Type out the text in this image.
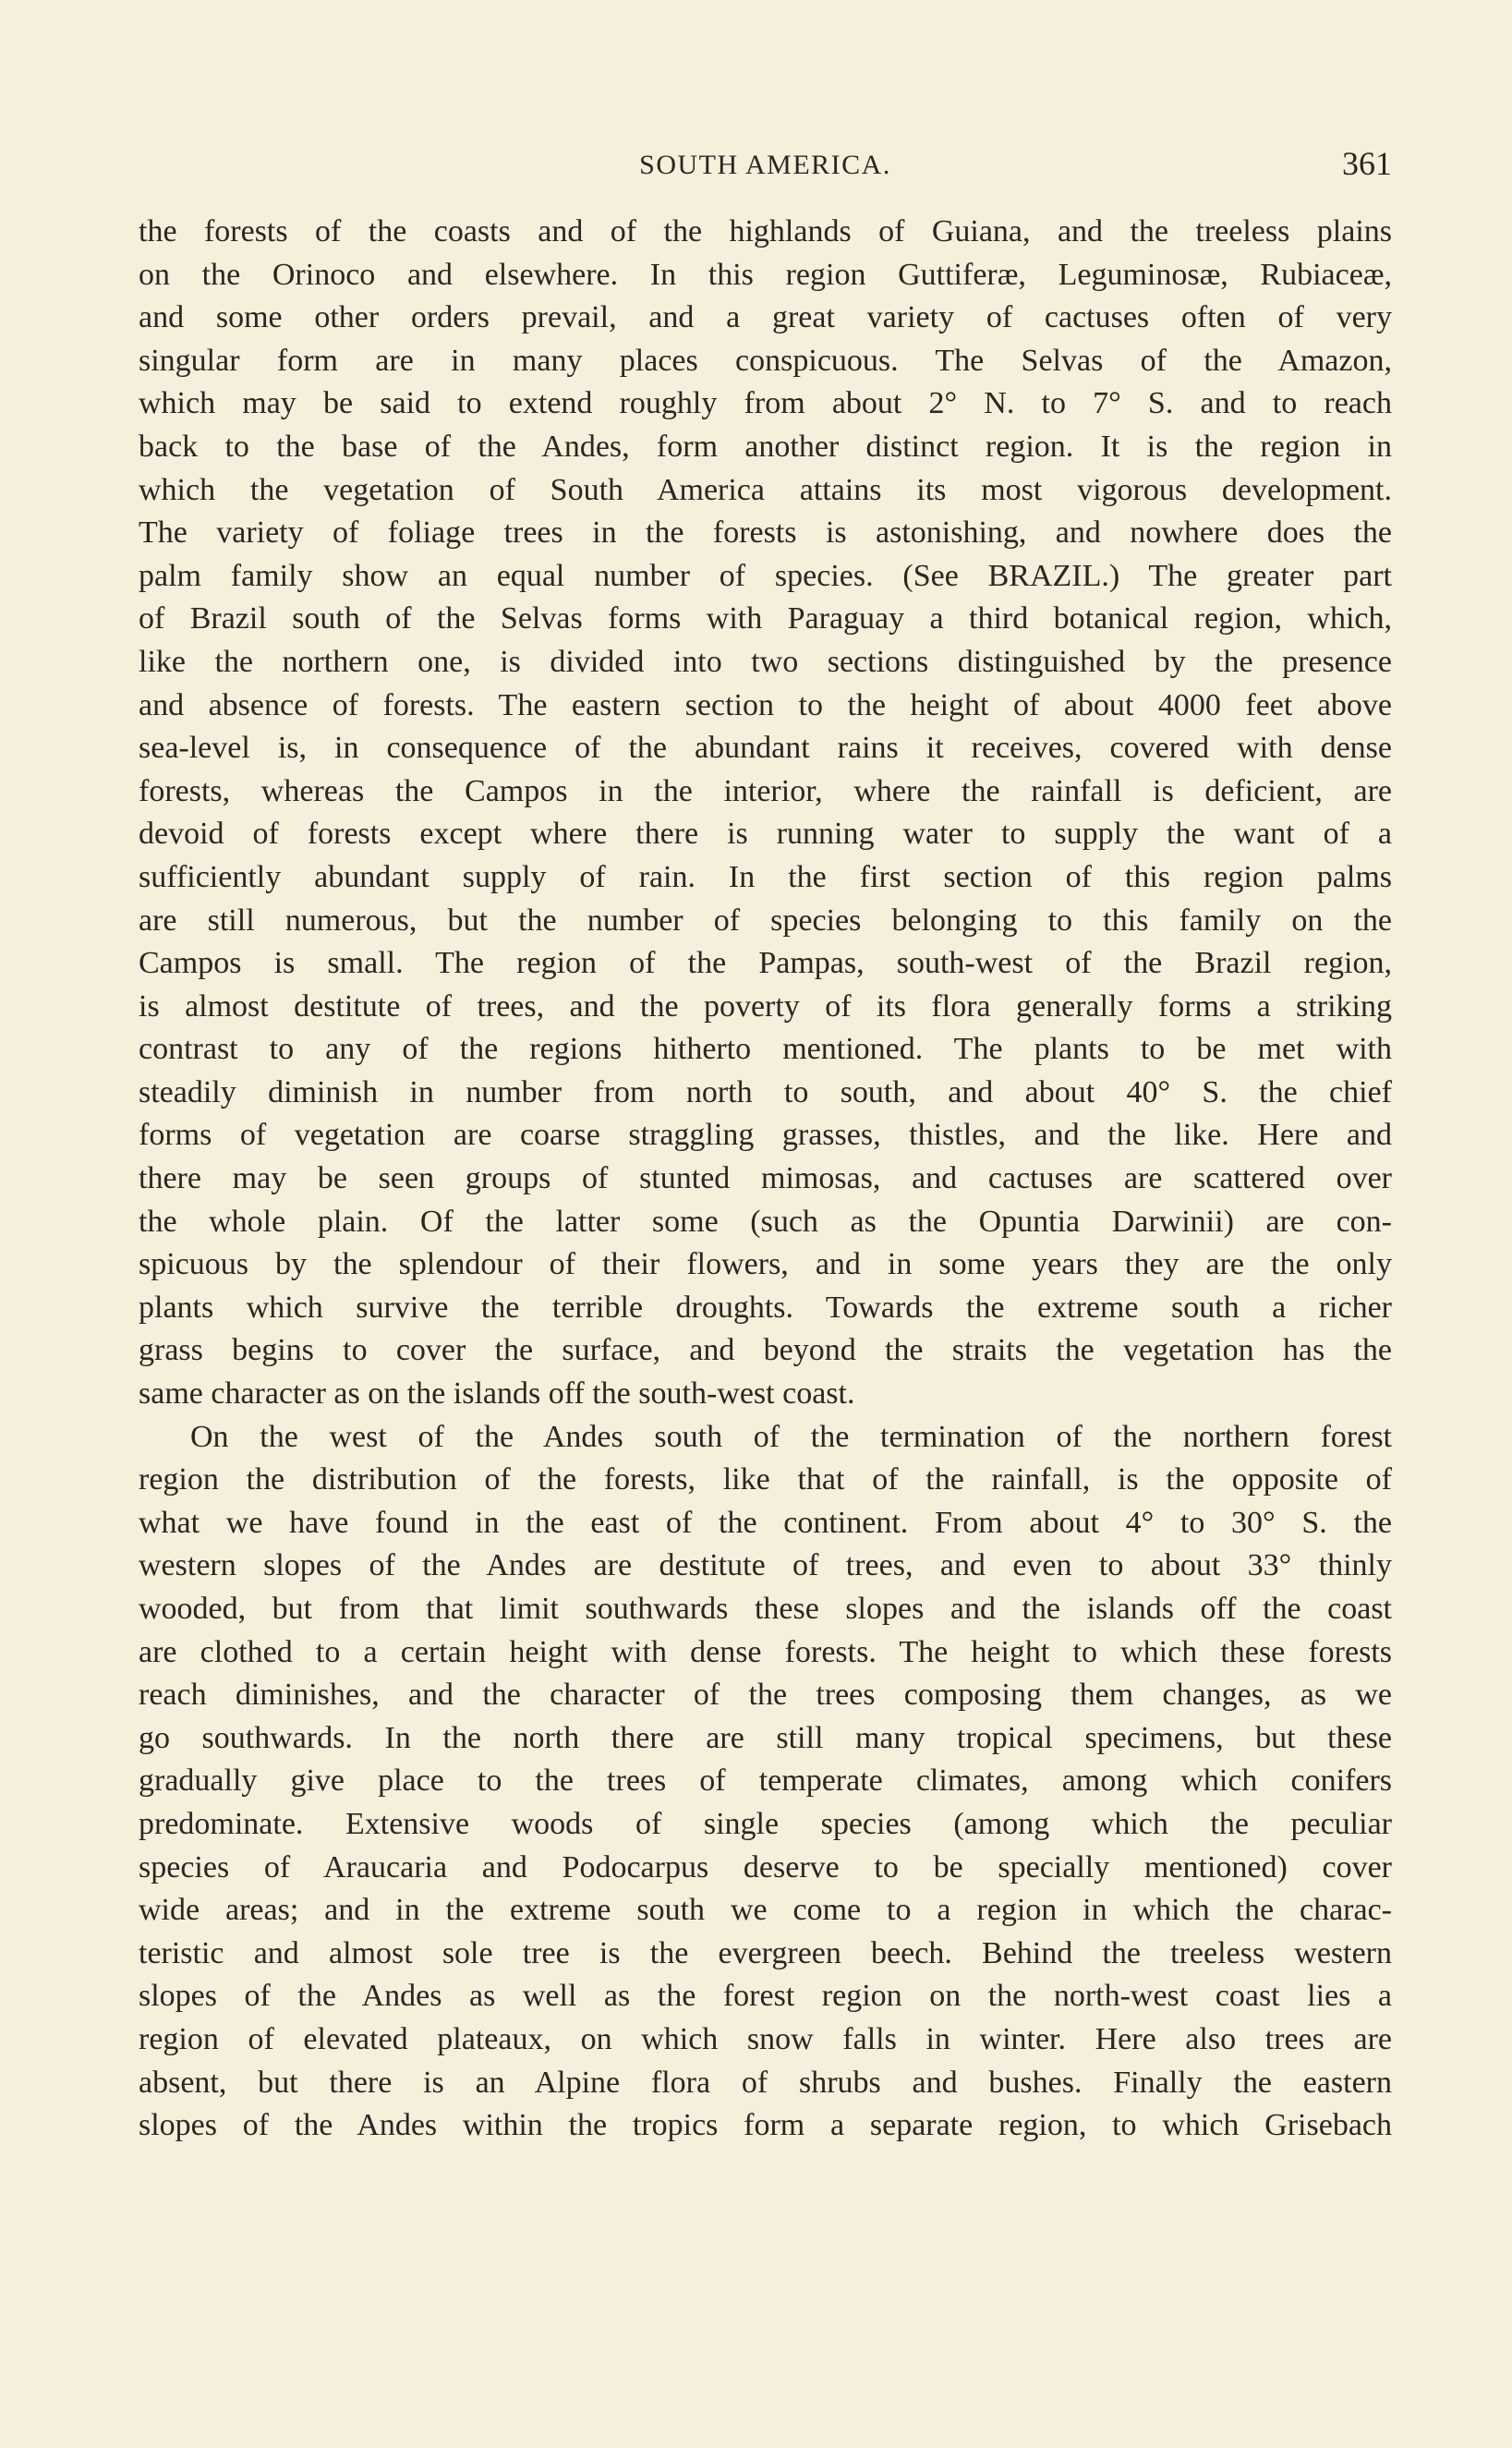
SOUTH AMERICA.	361
the forests of the coasts and of the highlands of Guiana, and the treeless plains
on the Orinoco and elsewhere. In this region Guttiferæ, Leguminosæ, Rubiaceæ,
and some other orders prevail, and a great variety of cactuses often of very
singular form are in many places conspicuous. The Selvas of the Amazon,
which may be said to extend roughly from about 2° N. to 7° S. and to reach
back to the base of the Andes, form another distinct region. It is the region in
which the vegetation of South America attains its most vigorous development.
The variety of foliage trees in the forests is astonishing, and nowhere does the
palm family show an equal number of species. (See BRAZIL.) The greater part
of Brazil south of the Selvas forms with Paraguay a third botanical region, which,
like the northern one, is divided into two sections distinguished by the presence
and absence of forests. The eastern section to the height of about 4000 feet above
sea-level is, in consequence of the abundant rains it receives, covered with dense
forests, whereas the Campos in the interior, where the rainfall is deficient, are
devoid of forests except where there is running water to supply the want of a
sufficiently abundant supply of rain. In the first section of this region palms
are still numerous, but the number of species belonging to this family on the
Campos is small. The region of the Pampas, south-west of the Brazil region,
is almost destitute of trees, and the poverty of its flora generally forms a striking
contrast to any of the regions hitherto mentioned. The plants to be met with
steadily diminish in number from north to south, and about 40° S. the chief
forms of vegetation are coarse straggling grasses, thistles, and the like. Here and
there may be seen groups of stunted mimosas, and cactuses are scattered over
the whole plain. Of the latter some (such as the Opuntia Darwinii) are con-
spicuous by the splendour of their flowers, and in some years they are the only
plants which survive the terrible droughts. Towards the extreme south a richer
grass begins to cover the surface, and beyond the straits the vegetation has the
same character as on the islands off the south-west coast.
On the west of the Andes south of the termination of the northern forest
region the distribution of the forests, like that of the rainfall, is the opposite of
what we have found in the east of the continent. From about 4° to 30° S. the
western slopes of the Andes are destitute of trees, and even to about 33° thinly
wooded, but from that limit southwards these slopes and the islands off the coast
are clothed to a certain height with dense forests. The height to which these forests
reach diminishes, and the character of the trees composing them changes, as we
go southwards. In the north there are still many tropical specimens, but these
gradually give place to the trees of temperate climates, among which conifers
predominate. Extensive woods of single species (among which the peculiar
species of Araucaria and Podocarpus deserve to be specially mentioned) cover
wide areas; and in the extreme south we come to a region in which the charac-
teristic and almost sole tree is the evergreen beech. Behind the treeless western
slopes of the Andes as well as the forest region on the north-west coast lies a
region of elevated plateaux, on which snow falls in winter. Here also trees are
absent, but there is an Alpine flora of shrubs and bushes. Finally the eastern
slopes of the Andes within the tropics form a separate region, to which Grisebach
